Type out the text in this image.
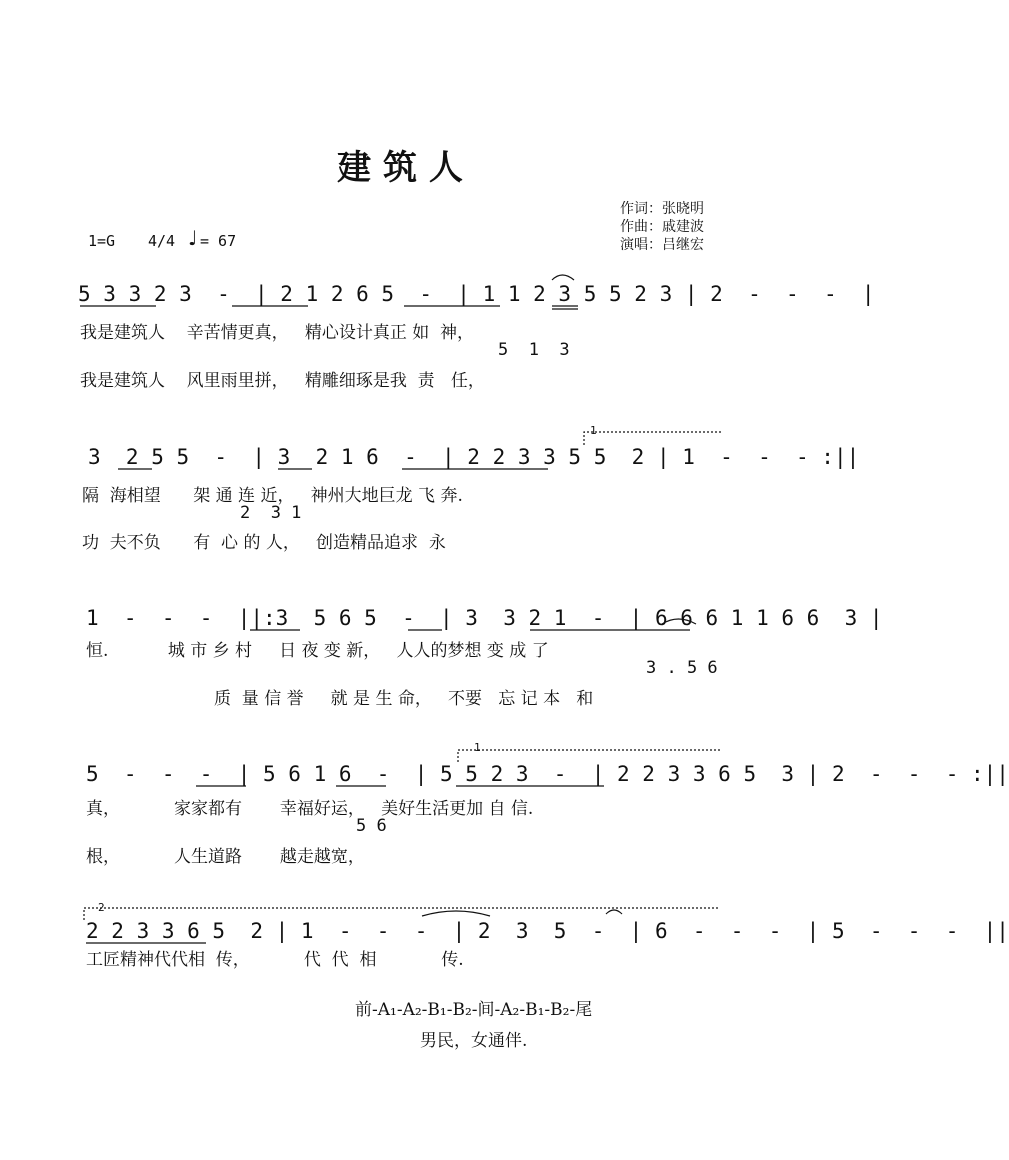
建 筑 人
作词：张晓明
作曲：戚建波
演唱：吕继宏
1=G 4/4 ♩ = 67
5 3 3 2 3  -  | 2 1 2 6 5  -  | 1 1 2 3 5 5 2 3 | 2  -  -  -  |
我是建筑人    辛苦情更真，   精心设计真正 如  神，
5  1  3
我是建筑人    风里雨里拼，   精雕细琢是我  责   任，
3  2 5 5  -  | 3  2 1 6  -  | 2 2 3 3 5 5  2 | 1  -  -  - :||
1
隔  海相望      架 通 连 近，   神州大地巨龙 飞 奔.
2  3 1
功  夫不负      有  心 的 人，   创造精品追求  永
1  -  -  -  ||:3  5 6 5  -  | 3  3 2 1  -  | 6 6 6 1 1 6 6  3 |
恒.           城 市 乡 村     日 夜 变 新，   人人的梦想 变 成 了
3 . 5 6
质  量 信 誉     就 是 生 命，   不要   忘 记 本   和
5  -  -  -  | 5 6 1 6  -  | 5 5 2 3  -  | 2 2 3 3 6 5  3 | 2  -  -  - :||
1
真，          家家都有       幸福好运，   美好生活更加 自 信.
5 6
根，          人生道路       越走越宽，
2 2 3 3 6 5  2 | 1  -  -  -  | 2  3  5  -  | 6  -  -  -  | 5  -  -  -  ||
2
工匠精神代代相  传，          代  代  相            传.
前-A₁-A₂-B₁-B₂-间-A₂-B₁-B₂-尾
男民，女通伴.
